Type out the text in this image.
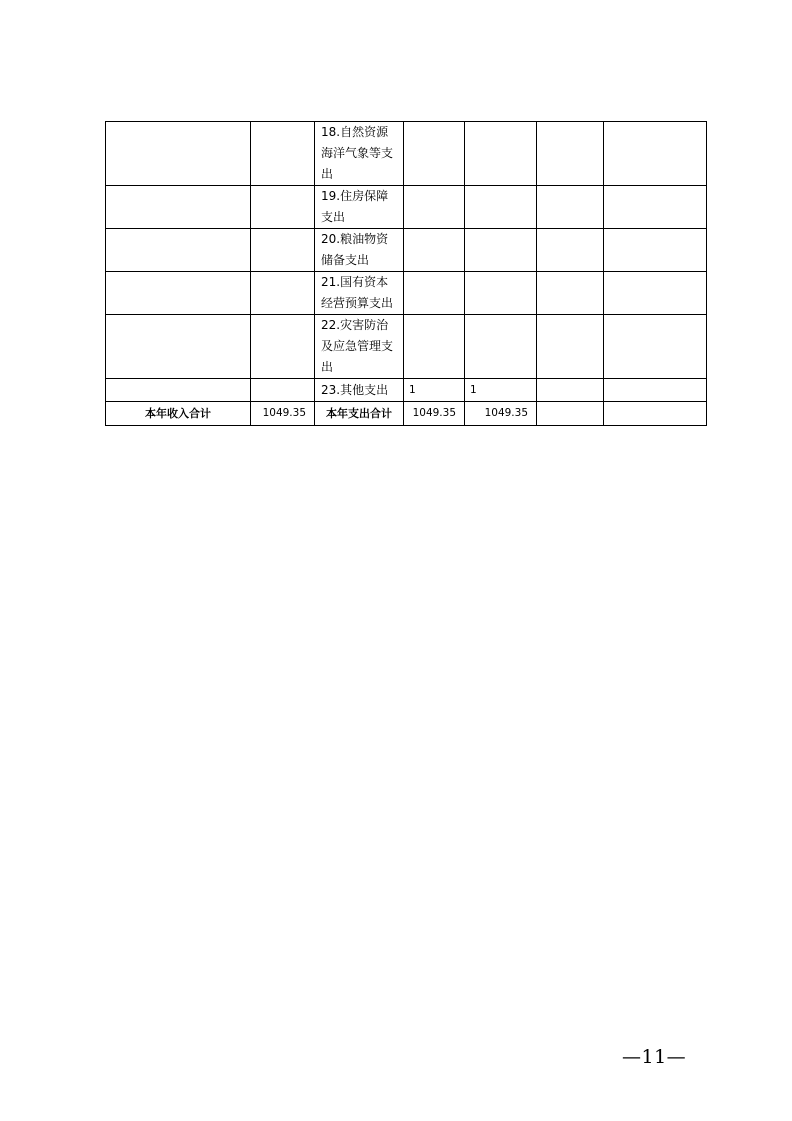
		18.自然资源海洋气象等支出				
		19.住房保障支出				
		20.粮油物资储备支出				
		21.国有资本经营预算支出				
		22.灾害防治及应急管理支出				
		23.其他支出	1	1		
本年收入合计	1049.35	本年支出合计	1049.35	1049.35		
—11—
